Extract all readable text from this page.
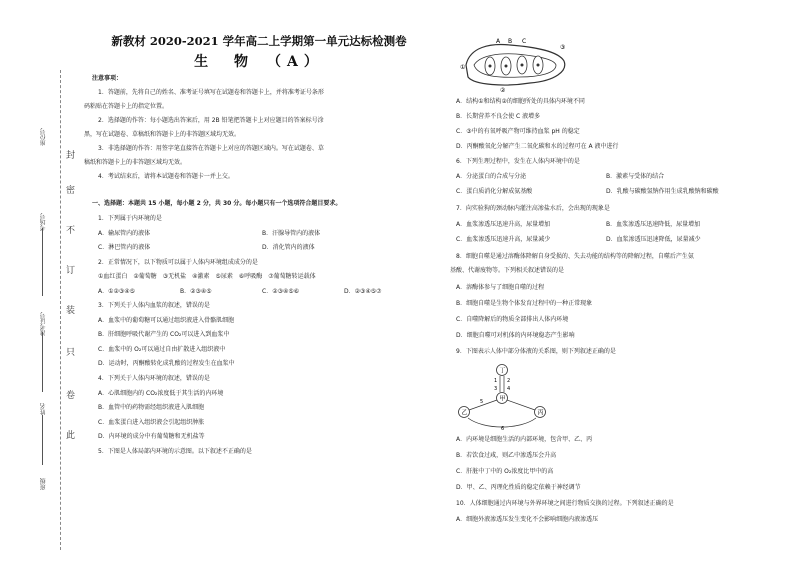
封
密
不
订
装
只
卷
此
座位号
考场号
准考证号
姓名
班级
新教材 2020-2021 学年高二上学期第一单元达标检测卷
生　物　（A）
注意事项：
1．答题前，先将自己的姓名、准考证号填写在试题卷和答题卡上，并将准考证号条形
码粘贴在答题卡上的指定位置。
2．选择题的作答：每小题选出答案后，用 2B 铅笔把答题卡上对应题目的答案标号涂
黑，写在试题卷、草稿纸和答题卡上的非答题区域均无效。
3．非选择题的作答：用签字笔直接答在答题卡上对应的答题区域内。写在试题卷、草
稿纸和答题卡上的非答题区域均无效。
4．考试结束后，请将本试题卷和答题卡一并上交。
一、选择题：本题共 15 小题，每小题 2 分，共 30 分。每小题只有一个选项符合题目要求。
1．下列属于内环境的是
A．输尿管内的液体	B．汗腺导管内的液体
C．淋巴管内的液体	D．消化管内的液体
2．正常情况下，以下物质可以属于人体内环境组成成分的是
①血红蛋白　②葡萄糖　③无机盐　④激素　⑤尿素　⑥呼吸酶　⑦葡萄糖转运载体
A．①②③④⑤	B．②③④⑤	C．②③④⑤⑥	D．②③④⑤⑦
3．下列关于人体内血浆的叙述，错误的是
A．血浆中的葡萄糖可以通过组织液进入骨骼肌细胞
B．肝细胞呼吸代谢产生的 CO₂可以进入到血浆中
C．血浆中的 O₂可以通过自由扩散进入组织液中
D．运动时，丙酮酸转化成乳酸的过程发生在血浆中
4．下列关于人体内环境的叙述，错误的是
A．心肌细胞内的 CO₂浓度低于其生活的内环境
B．血管中的药物需经组织液进入肌细胞
C．血浆蛋白进入组织液会引起组织肿胀
D．内环境的成分中有葡萄糖和无机盐等
5．下图是人体局部内环境的示意图。以下叙述不正确的是
A B C
①
②
③
A．结构①和结构②的细胞所处的具体内环境不同
B．长期营养不良会使 C 液增多
C．③中的有氧呼吸产物可维持血浆 pH 的稳定
D．丙酮酸氧化分解产生二氧化碳和水的过程可在 A 液中进行
6．下列生理过程中，发生在人体内环境中的是
A．分泌蛋白的合成与分泌	B．激素与受体的结合
C．蛋白质消化分解成氨基酸	D．乳酸与碳酸氢钠作用生成乳酸钠和碳酸
7．向实验狗的颈动脉内灌注高渗盐水后，会出现的现象是
A．血浆渗透压迅速升高，尿量增加	B．血浆渗透压迅速降低，尿量增加
C．血浆渗透压迅速升高，尿量减少	D．血浆渗透压迅速降低，尿量减少
8．细胞自噬是通过溶酶体降解自身受损的、失去功能的结构等的降解过程，自噬后产生氨
基酸、代谢废物等。下列相关叙述错误的是
A．溶酶体参与了细胞自噬的过程
B．细胞自噬是生物个体发育过程中的一种正常现象
C．自噬降解后的物质全部排出人体内环境
D．细胞自噬可对机体的内环境稳态产生影响
9．下图表示人体中部分体液的关系图，则下列叙述正确的是
丁
甲
乙	丙
1 2
3 4
5
6
A．内环境是细胞生活的内部环境，包含甲、乙、丙
B．若饮食过咸，则乙中渗透压会升高
C．肝脏中丁中的 O₂浓度比甲中的高
D．甲、乙、丙理化性质的稳定依赖于神经调节
10．人体细胞通过内环境与外界环境之间进行物质交换的过程。下列叙述正确的是
A．细胞外液渗透压发生变化不会影响细胞内液渗透压
